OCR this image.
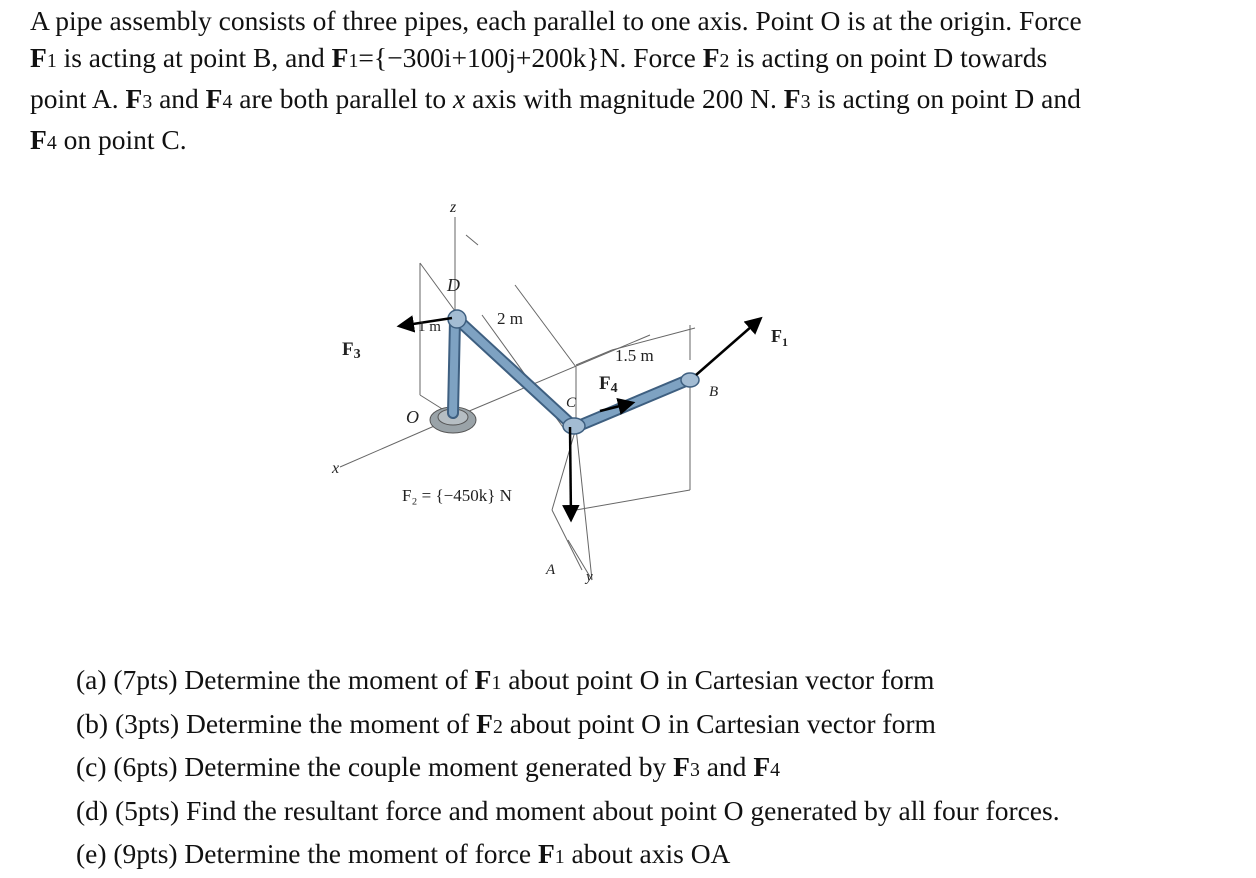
A pipe assembly consists of three pipes, each parallel to one axis. Point O is at the origin. Force
F1 is acting at point B, and F1={−300i+100j+200k}N. Force F2 is acting on point D towards
point A. F3 and F4 are both parallel to x axis with magnitude 200 N. F3 is acting on point D and
F4 on point C.
z
D
2 m
1 m
F3
$F_1$
1.5 m
F4	B
C
O
x
F₂ = {−450k} N
A y
(a) (7pts) Determine the moment of F1 about point O in Cartesian vector form
(b) (3pts) Determine the moment of F2 about point O in Cartesian vector form
(c) (6pts) Determine the couple moment generated by F3 and F4
(d) (5pts) Find the resultant force and moment about point O generated by all four forces.
(e) (9pts) Determine the moment of force F1 about axis OA
